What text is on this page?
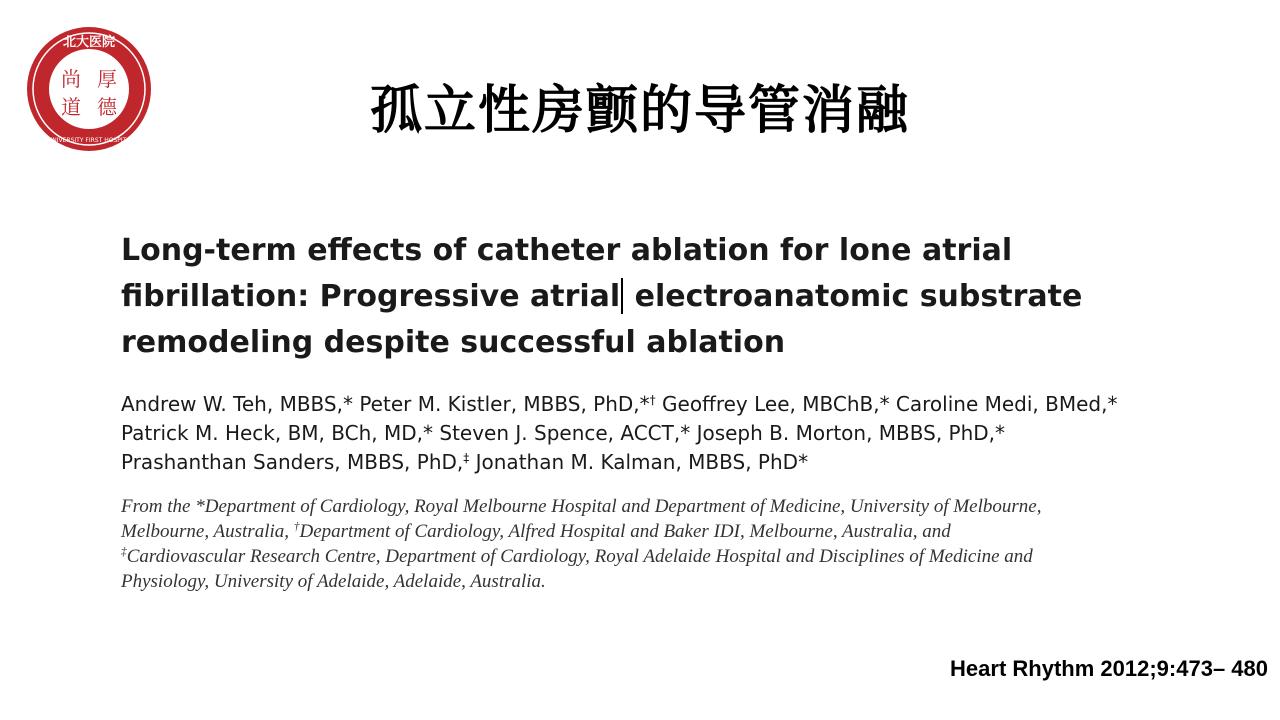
北大医院
PEKING UNIVERSITY FIRST HOSPITAL .1915.
尚 厚
道 德	孤立性房颤的导管消融
Long-term effects of catheter ablation for lone atrial
fibrillation: Progressive atrial electroanatomic substrate
remodeling despite successful ablation
Andrew W. Teh, MBBS,* Peter M. Kistler, MBBS, PhD,*† Geoffrey Lee, MBChB,* Caroline Medi, BMed,*
Patrick M. Heck, BM, BCh, MD,* Steven J. Spence, ACCT,* Joseph B. Morton, MBBS, PhD,*
Prashanthan Sanders, MBBS, PhD,‡ Jonathan M. Kalman, MBBS, PhD*
From the *Department of Cardiology, Royal Melbourne Hospital and Department of Medicine, University of Melbourne,
Melbourne, Australia, †Department of Cardiology, Alfred Hospital and Baker IDI, Melbourne, Australia, and
‡Cardiovascular Research Centre, Department of Cardiology, Royal Adelaide Hospital and Disciplines of Medicine and
Physiology, University of Adelaide, Adelaide, Australia.
Heart Rhythm 2012;9:473– 480
